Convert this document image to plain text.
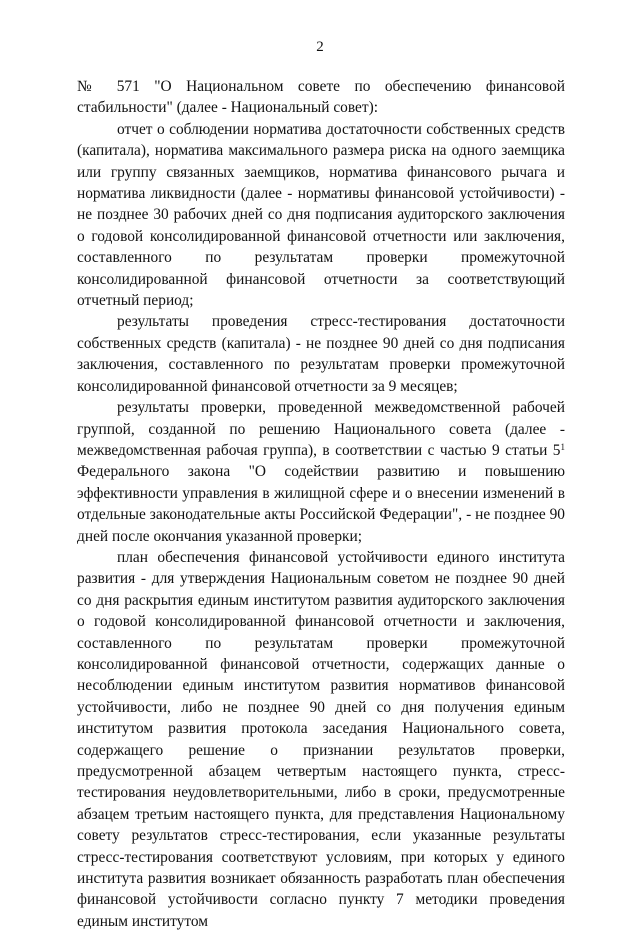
2

№ 571 "О Национальном совете по обеспечению финансовой стабильности" (далее - Национальный совет):

отчет о соблюдении норматива достаточности собственных средств (капитала), норматива максимального размера риска на одного заемщика или группу связанных заемщиков, норматива финансового рычага и норматива ликвидности (далее - нормативы финансовой устойчивости) - не позднее 30 рабочих дней со дня подписания аудиторского заключения о годовой консолидированной финансовой отчетности или заключения, составленного по результатам проверки промежуточной консолидированной финансовой отчетности за соответствующий отчетный период;

результаты проведения стресс-тестирования достаточности собственных средств (капитала) - не позднее 90 дней со дня подписания заключения, составленного по результатам проверки промежуточной консолидированной финансовой отчетности за 9 месяцев;

результаты проверки, проведенной межведомственной рабочей группой, созданной по решению Национального совета (далее - межведомственная рабочая группа), в соответствии с частью 9 статьи $5^1$ Федерального закона "О содействии развитию и повышению эффективности управления в жилищной сфере и о внесении изменений в отдельные законодательные акты Российской Федерации", - не позднее 90 дней после окончания указанной проверки;

план обеспечения финансовой устойчивости единого института развития - для утверждения Национальным советом не позднее 90 дней со дня раскрытия единым институтом развития аудиторского заключения о годовой консолидированной финансовой отчетности и заключения, составленного по результатам проверки промежуточной консолидированной финансовой отчетности, содержащих данные о несоблюдении единым институтом развития нормативов финансовой устойчивости, либо не позднее 90 дней со дня получения единым институтом развития протокола заседания Национального совета, содержащего решение о признании результатов проверки, предусмотренной абзацем четвертым настоящего пункта, стресс-тестирования неудовлетворительными, либо в сроки, предусмотренные абзацем третьим настоящего пункта, для представления Национальному совету результатов стресс-тестирования, если указанные результаты стресс-тестирования соответствуют условиям, при которых у единого института развития возникает обязанность разработать план обеспечения финансовой устойчивости согласно пункту 7 методики проведения единым институтом
